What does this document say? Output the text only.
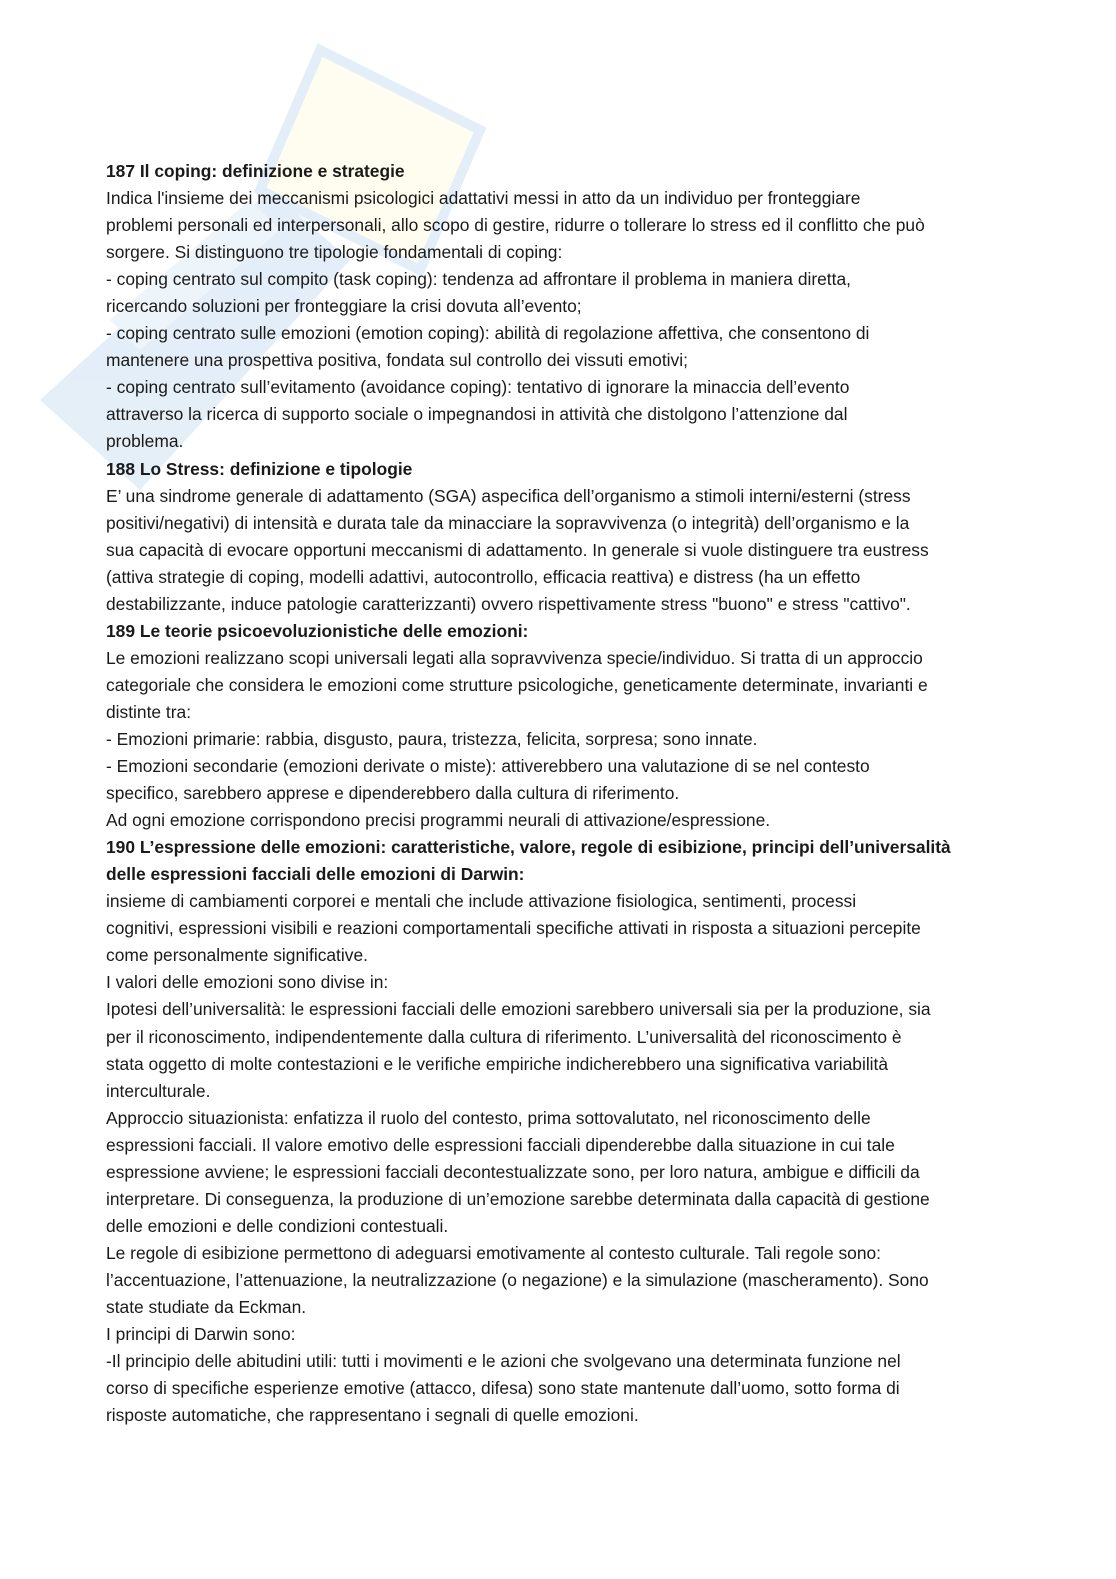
187 Il coping: definizione e strategie

Indica l'insieme dei meccanismi psicologici adattativi messi in atto da un individuo per fronteggiare

problemi personali ed interpersonali, allo scopo di gestire, ridurre o tollerare lo stress ed il conflitto che può

sorgere. Si distinguono tre tipologie fondamentali di coping:

- coping centrato sul compito (task coping): tendenza ad affrontare il problema in maniera diretta,

ricercando soluzioni per fronteggiare la crisi dovuta all’evento;

- coping centrato sulle emozioni (emotion coping): abilità di regolazione affettiva, che consentono di

mantenere una prospettiva positiva, fondata sul controllo dei vissuti emotivi;

- coping centrato sull’evitamento (avoidance coping): tentativo di ignorare la minaccia dell’evento

attraverso la ricerca di supporto sociale o impegnandosi in attività che distolgono l’attenzione dal

problema.

188 Lo Stress: definizione e tipologie

E’ una sindrome generale di adattamento (SGA) aspecifica dell’organismo a stimoli interni/esterni (stress

positivi/negativi) di intensità e durata tale da minacciare la sopravvivenza (o integrità) dell’organismo e la

sua capacità di evocare opportuni meccanismi di adattamento. In generale si vuole distinguere tra eustress

(attiva strategie di coping, modelli adattivi, autocontrollo, efficacia reattiva) e distress (ha un effetto

destabilizzante, induce patologie caratterizzanti) ovvero rispettivamente stress "buono" e stress "cattivo".

189 Le teorie psicoevoluzionistiche delle emozioni:

Le emozioni realizzano scopi universali legati alla sopravvivenza specie/individuo. Si tratta di un approccio

categoriale che considera le emozioni come strutture psicologiche, geneticamente determinate, invarianti e

distinte tra:

- Emozioni primarie: rabbia, disgusto, paura, tristezza, felicita, sorpresa; sono innate.

- Emozioni secondarie (emozioni derivate o miste): attiverebbero una valutazione di se nel contesto

specifico, sarebbero apprese e dipenderebbero dalla cultura di riferimento.

Ad ogni emozione corrispondono precisi programmi neurali di attivazione/espressione.

190 L’espressione delle emozioni: caratteristiche, valore, regole di esibizione, principi dell’universalità

delle espressioni facciali delle emozioni di Darwin:

insieme di cambiamenti corporei e mentali che include attivazione fisiologica, sentimenti, processi

cognitivi, espressioni visibili e reazioni comportamentali specifiche attivati in risposta a situazioni percepite

come personalmente significative.

I valori delle emozioni sono divise in:

Ipotesi dell’universalità: le espressioni facciali delle emozioni sarebbero universali sia per la produzione, sia

per il riconoscimento, indipendentemente dalla cultura di riferimento. L’universalità del riconoscimento è

stata oggetto di molte contestazioni e le verifiche empiriche indicherebbero una significativa variabilità

interculturale.

Approccio situazionista: enfatizza il ruolo del contesto, prima sottovalutato, nel riconoscimento delle

espressioni facciali. Il valore emotivo delle espressioni facciali dipenderebbe dalla situazione in cui tale

espressione avviene; le espressioni facciali decontestualizzate sono, per loro natura, ambigue e difficili da

interpretare. Di conseguenza, la produzione di un’emozione sarebbe determinata dalla capacità di gestione

delle emozioni e delle condizioni contestuali.

Le regole di esibizione permettono di adeguarsi emotivamente al contesto culturale. Tali regole sono:

l’accentuazione, l’attenuazione, la neutralizzazione (o negazione) e la simulazione (mascheramento). Sono

state studiate da Eckman.

I principi di Darwin sono:

-Il principio delle abitudini utili: tutti i movimenti e le azioni che svolgevano una determinata funzione nel

corso di specifiche esperienze emotive (attacco, difesa) sono state mantenute dall’uomo, sotto forma di

risposte automatiche, che rappresentano i segnali di quelle emozioni.
